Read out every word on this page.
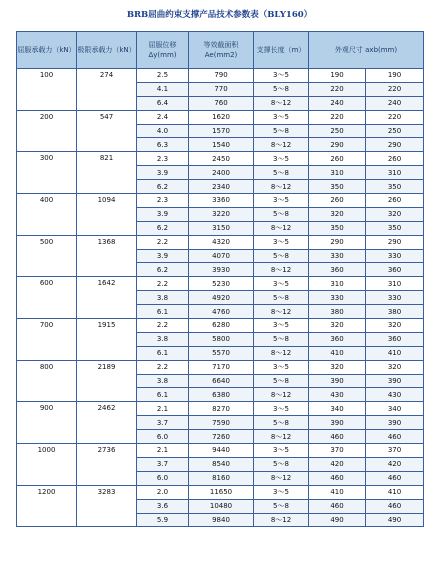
BRB屈曲约束支撑产品技术参数表（BLY160）
屈服承载力（kN）	极限承载力（kN）	屈服位移 Δy(mm)	等效截面积 Ae(mm2)	支撑长度（m）	外观尺寸 axb(mm)	
100	274	2.5	790	3～5	190	190
		4.1	770	5～8	220	220
		6.4	760	8～12	240	240
200	547	2.4	1620	3～5	220	220
		4.0	1570	5～8	250	250
		6.3	1540	8～12	290	290
300	821	2.3	2450	3～5	260	260
		3.9	2400	5～8	310	310
		6.2	2340	8～12	350	350
400	1094	2.3	3360	3～5	260	260
		3.9	3220	5～8	320	320
		6.2	3150	8～12	350	350
500	1368	2.2	4320	3～5	290	290
		3.9	4070	5～8	330	330
		6.2	3930	8～12	360	360
600	1642	2.2	5230	3～5	310	310
		3.8	4920	5～8	330	330
		6.1	4760	8～12	380	380
700	1915	2.2	6280	3～5	320	320
		3.8	5800	5～8	360	360
		6.1	5570	8～12	410	410
800	2189	2.2	7170	3～5	320	320
		3.8	6640	5～8	390	390
		6.1	6380	8～12	430	430
900	2462	2.1	8270	3～5	340	340
		3.7	7590	5～8	390	390
		6.0	7260	8～12	460	460
1000	2736	2.1	9440	3～5	370	370
		3.7	8540	5～8	420	420
		6.0	8160	8～12	460	460
1200	3283	2.0	11650	3～5	410	410
		3.6	10480	5～8	460	460
		5.9	9840	8～12	490	490
